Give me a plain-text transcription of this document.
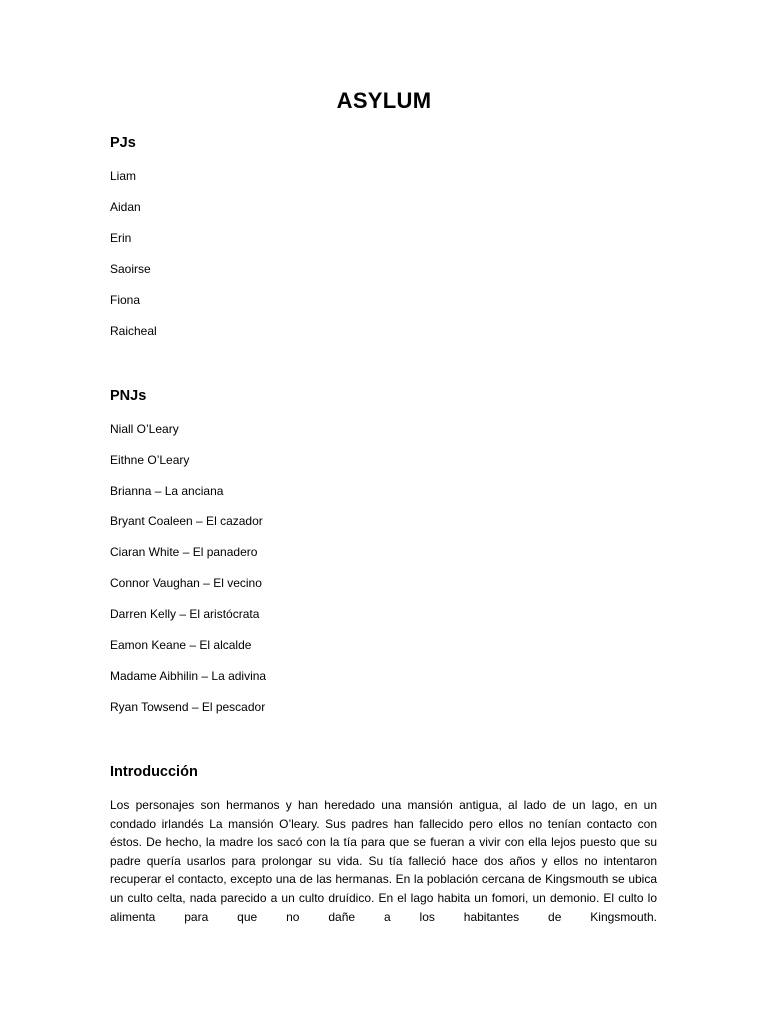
ASYLUM
PJs
Liam
Aidan
Erin
Saoirse
Fiona
Raicheal
PNJs
Niall O’Leary
Eithne O’Leary
Brianna – La anciana
Bryant Coaleen – El cazador
Ciaran White – El panadero
Connor Vaughan – El vecino
Darren Kelly – El aristócrata
Eamon Keane – El alcalde
Madame Aibhilin – La adivina
Ryan Towsend – El pescador
Introducción
Los personajes son hermanos y han heredado una mansión antigua, al lado de un lago, en un condado irlandés La mansión O’leary. Sus padres han fallecido pero ellos no tenían contacto con éstos. De hecho, la madre los sacó con la tía para que se fueran a vivir con ella lejos puesto que su padre quería usarlos para prolongar su vida. Su tía falleció hace dos años y ellos no intentaron recuperar el contacto, excepto una de las hermanas. En la población cercana de Kingsmouth se ubica un culto celta, nada parecido a un culto druídico. En el lago habita un fomori, un demonio. El culto lo alimenta para que no dañe a los habitantes de Kingsmouth.
